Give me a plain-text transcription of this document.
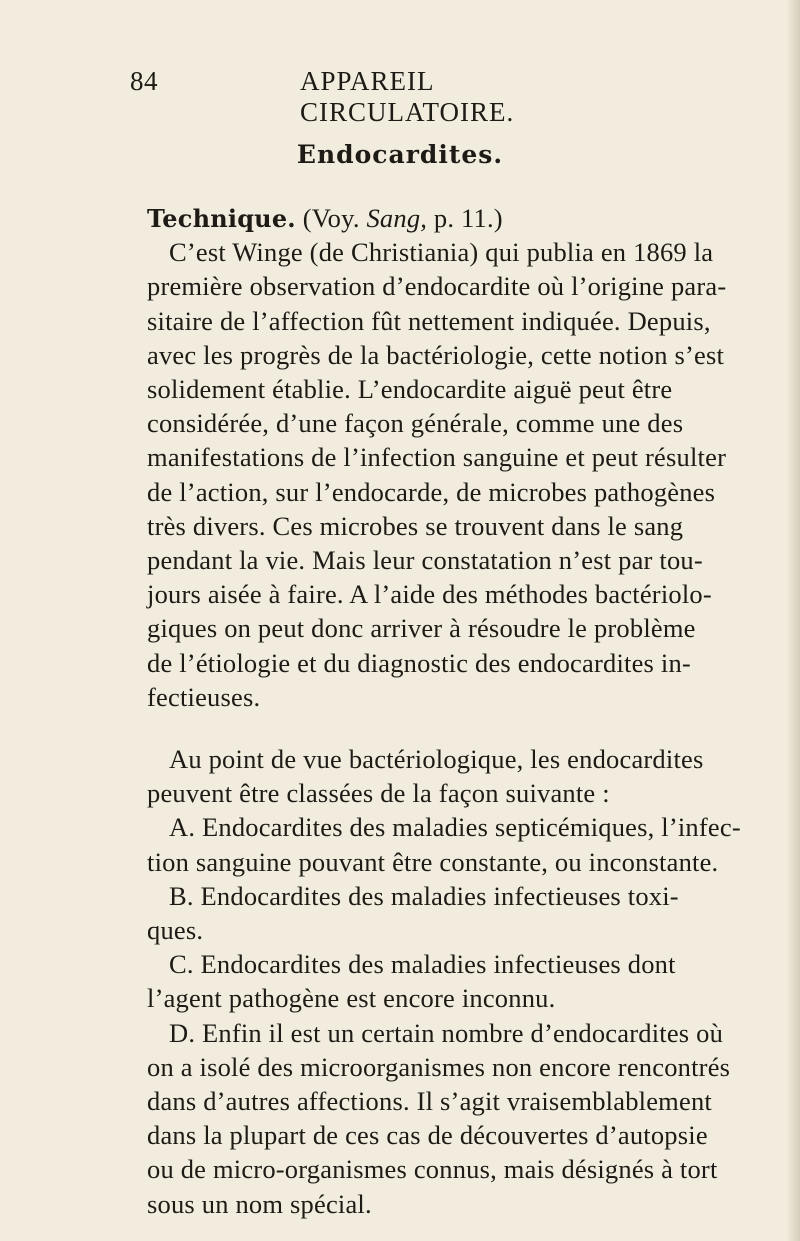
84	APPAREIL CIRCULATOIRE.
Endocardites.
Technique. (Voy. Sang, p. 11.)
C’est Winge (de Christiania) qui publia en 1869 la
première observation d’endocardite où l’origine para-
sitaire de l’affection fût nettement indiquée. Depuis,
avec les progrès de la bactériologie, cette notion s’est
solidement établie. L’endocardite aiguë peut être
considérée, d’une façon générale, comme une des
manifestations de l’infection sanguine et peut résulter
de l’action, sur l’endocarde, de microbes pathogènes
très divers. Ces microbes se trouvent dans le sang
pendant la vie. Mais leur constatation n’est par tou-
jours aisée à faire. A l’aide des méthodes bactériolo-
giques on peut donc arriver à résoudre le problème
de l’étiologie et du diagnostic des endocardites in-
fectieuses.
Au point de vue bactériologique, les endocardites
peuvent être classées de la façon suivante :
A. Endocardites des maladies septicémiques, l’infec-
tion sanguine pouvant être constante, ou inconstante.
B. Endocardites des maladies infectieuses toxi-
ques.
C. Endocardites des maladies infectieuses dont
l’agent pathogène est encore inconnu.
D. Enfin il est un certain nombre d’endocardites où
on a isolé des microorganismes non encore rencontrés
dans d’autres affections. Il s’agit vraisemblablement
dans la plupart de ces cas de découvertes d’autopsie
ou de micro-organismes connus, mais désignés à tort
sous un nom spécial.
